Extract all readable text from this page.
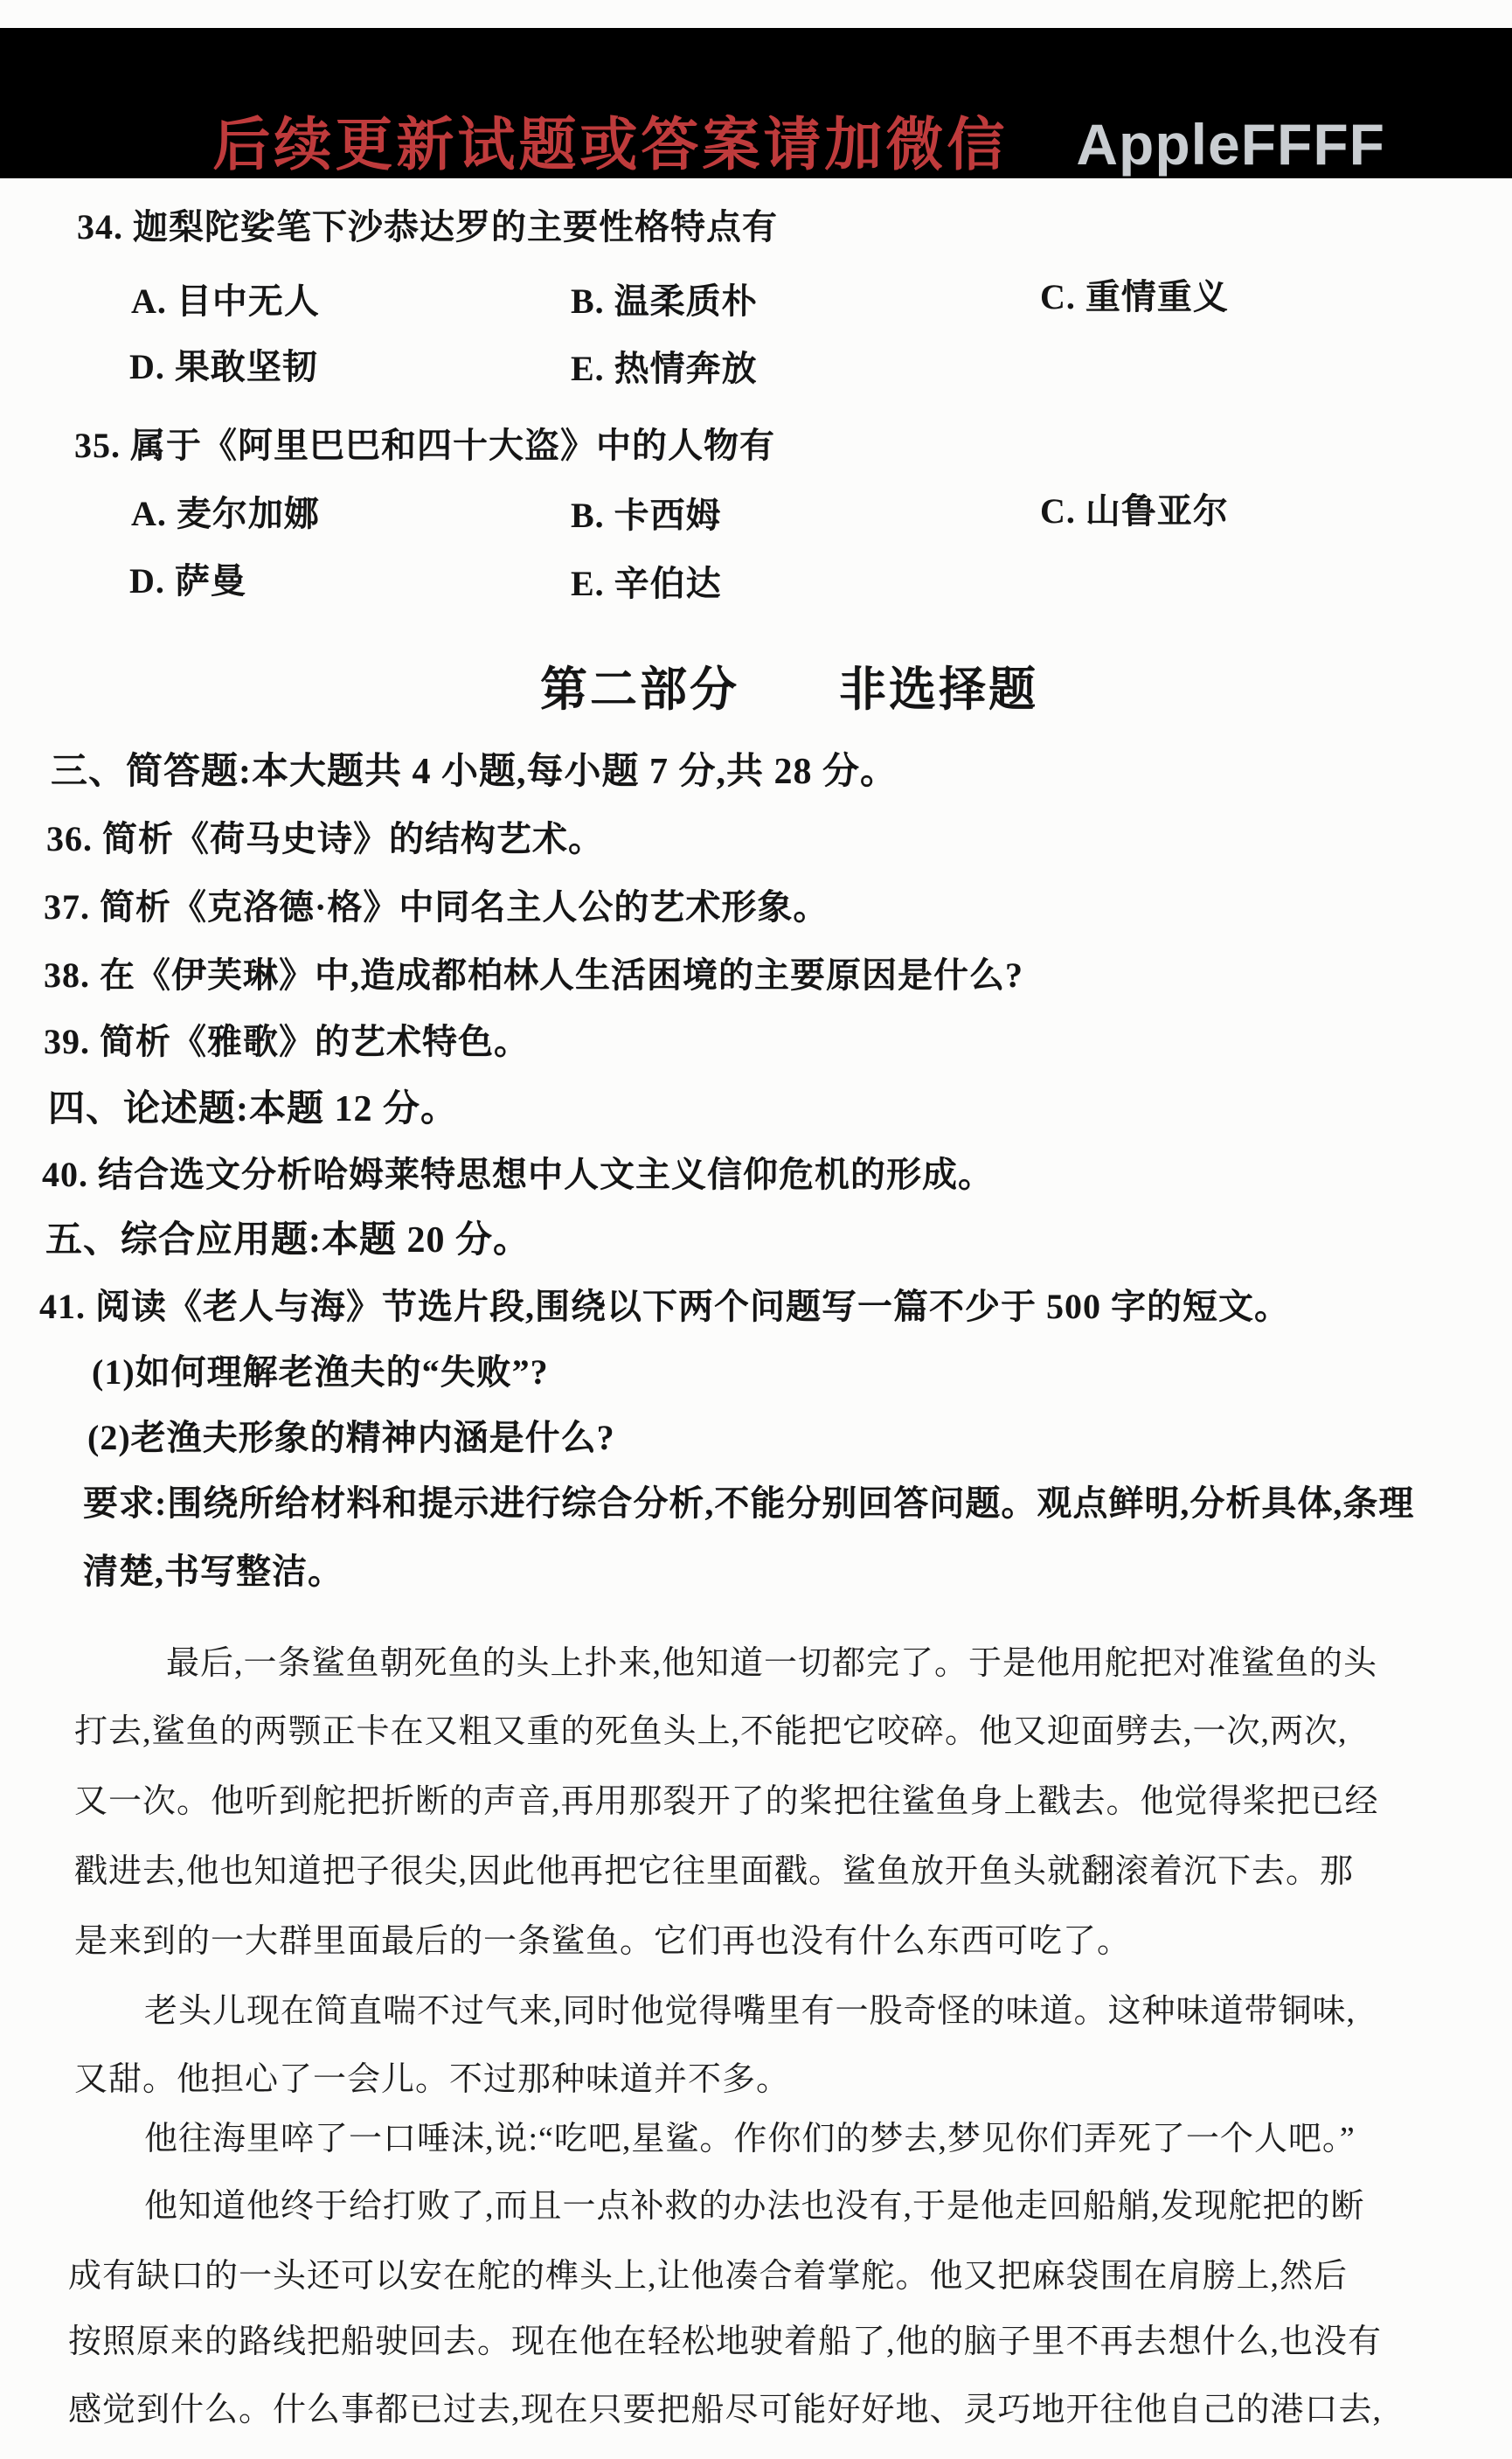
后续更新试题或答案请加微信 AppleFFFF

34. 迦梨陀娑笔下沙恭达罗的主要性格特点有
A. 目中无人	B. 温柔质朴	C. 重情重义
D. 果敢坚韧	E. 热情奔放
35. 属于《阿里巴巴和四十大盗》中的人物有
A. 麦尔加娜	B. 卡西姆	C. 山鲁亚尔
D. 萨曼	E. 辛伯达
第二部分　　非选择题
三、简答题:本大题共 4 小题,每小题 7 分,共 28 分。
36. 简析《荷马史诗》的结构艺术。
37. 简析《克洛德·格》中同名主人公的艺术形象。
38. 在《伊芙琳》中,造成都柏林人生活困境的主要原因是什么?
39. 简析《雅歌》的艺术特色。
四、论述题:本题 12 分。
40. 结合选文分析哈姆莱特思想中人文主义信仰危机的形成。
五、综合应用题:本题 20 分。
41. 阅读《老人与海》节选片段,围绕以下两个问题写一篇不少于 500 字的短文。
(1)如何理解老渔夫的“失败”?
(2)老渔夫形象的精神内涵是什么?
要求:围绕所给材料和提示进行综合分析,不能分别回答问题。观点鲜明,分析具体,条理
清楚,书写整洁。
最后,一条鲨鱼朝死鱼的头上扑来,他知道一切都完了。于是他用舵把对准鲨鱼的头
打去,鲨鱼的两颚正卡在又粗又重的死鱼头上,不能把它咬碎。他又迎面劈去,一次,两次,
又一次。他听到舵把折断的声音,再用那裂开了的桨把往鲨鱼身上戳去。他觉得桨把已经
戳进去,他也知道把子很尖,因此他再把它往里面戳。鲨鱼放开鱼头就翻滚着沉下去。那
是来到的一大群里面最后的一条鲨鱼。它们再也没有什么东西可吃了。
老头儿现在简直喘不过气来,同时他觉得嘴里有一股奇怪的味道。这种味道带铜味,
又甜。他担心了一会儿。不过那种味道并不多。
他往海里啐了一口唾沫,说:“吃吧,星鲨。作你们的梦去,梦见你们弄死了一个人吧。”
他知道他终于给打败了,而且一点补救的办法也没有,于是他走回船艄,发现舵把的断
成有缺口的一头还可以安在舵的榫头上,让他凑合着掌舵。他又把麻袋围在肩膀上,然后
按照原来的路线把船驶回去。现在他在轻松地驶着船了,他的脑子里不再去想什么,也没有
感觉到什么。什么事都已过去,现在只要把船尽可能好好地、灵巧地开往他自己的港口去,
